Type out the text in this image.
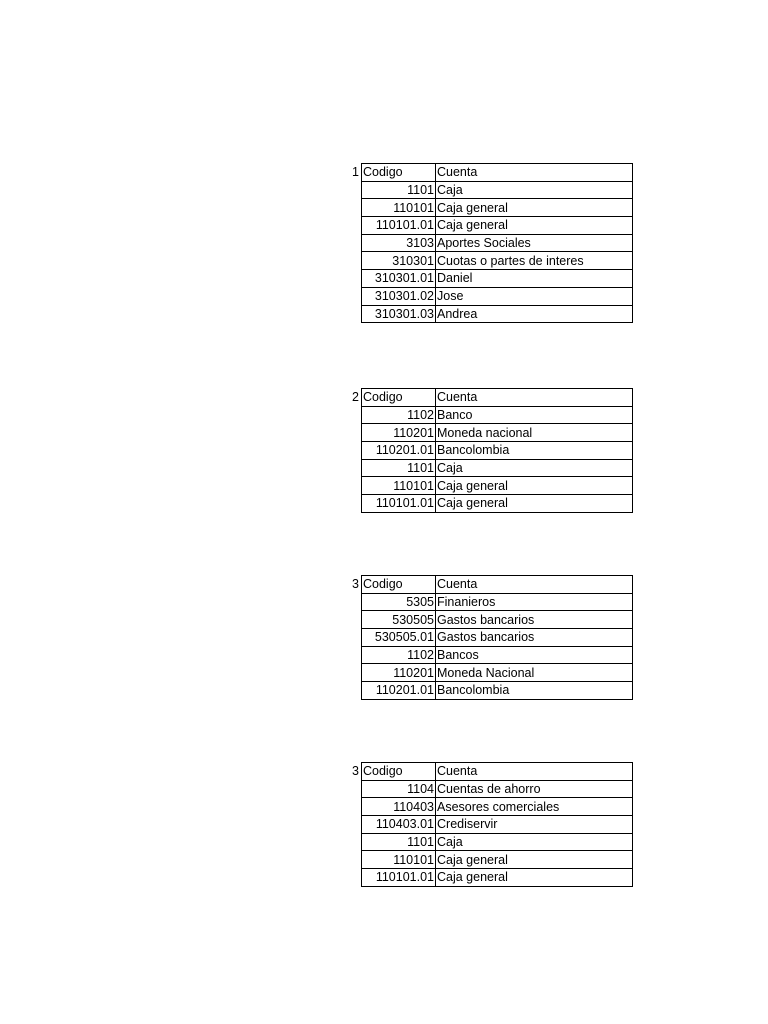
1 Codigo	Cuenta
1101	Caja
110101	Caja general
110101.01	Caja general
3103	Aportes Sociales
310301	Cuotas o partes de interes
310301.01	Daniel
310301.02	Jose
310301.03	Andrea
2 Codigo	Cuenta
1102	Banco
110201	Moneda nacional
110201.01	Bancolombia
1101	Caja
110101	Caja general
110101.01	Caja general
3 Codigo	Cuenta
5305	Finanieros
530505	Gastos bancarios
530505.01	Gastos bancarios
1102	Bancos
110201	Moneda Nacional
110201.01	Bancolombia
3 Codigo	Cuenta
1104	Cuentas de ahorro
110403	Asesores comerciales
110403.01	Crediservir
1101	Caja
110101	Caja general
110101.01	Caja general
